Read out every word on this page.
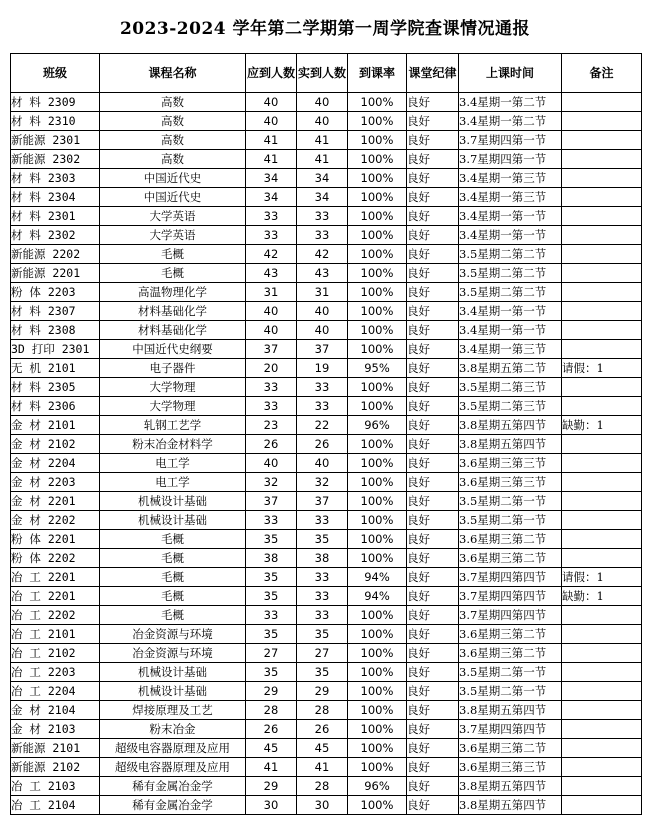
2023-2024 学年第二学期第一周学院查课情况通报
班级	课程名称	应到人数	实到人数	到课率	课堂纪律	上课时间	备注
材 料 2309	高数	40	40	100%	良好	3.4星期一第二节	
材 料 2310	高数	40	40	100%	良好	3.4星期一第二节	
新能源 2301	高数	41	41	100%	良好	3.7星期四第一节	
新能源 2302	高数	41	41	100%	良好	3.7星期四第一节	
材 料 2303	中国近代史	34	34	100%	良好	3.4星期一第三节	
材 料 2304	中国近代史	34	34	100%	良好	3.4星期一第三节	
材 料 2301	大学英语	33	33	100%	良好	3.4星期一第一节	
材 料 2302	大学英语	33	33	100%	良好	3.4星期一第一节	
新能源 2202	毛概	42	42	100%	良好	3.5星期二第二节	
新能源 2201	毛概	43	43	100%	良好	3.5星期二第二节	
粉 体 2203	高温物理化学	31	31	100%	良好	3.5星期二第二节	
材 料 2307	材料基础化学	40	40	100%	良好	3.4星期一第一节	
材 料 2308	材料基础化学	40	40	100%	良好	3.4星期一第一节	
3D 打印 2301	中国近代史纲要	37	37	100%	良好	3.4星期一第三节	
无 机 2101	电子器件	20	19	95%	良好	3.8星期五第二节	请假：1
材 料 2305	大学物理	33	33	100%	良好	3.5星期二第三节	
材 料 2306	大学物理	33	33	100%	良好	3.5星期二第三节	
金 材 2101	轧钢工艺学	23	22	96%	良好	3.8星期五第四节	缺勤：1
金 材 2102	粉末冶金材料学	26	26	100%	良好	3.8星期五第四节	
金 材 2204	电工学	40	40	100%	良好	3.6星期三第三节	
金 材 2203	电工学	32	32	100%	良好	3.6星期三第三节	
金 材 2201	机械设计基础	37	37	100%	良好	3.5星期二第一节	
金 材 2202	机械设计基础	33	33	100%	良好	3.5星期二第一节	
粉 体 2201	毛概	35	35	100%	良好	3.6星期三第二节	
粉 体 2202	毛概	38	38	100%	良好	3.6星期三第二节	
冶 工 2201	毛概	35	33	94%	良好	3.7星期四第四节	请假：1
冶 工 2201	毛概	35	33	94%	良好	3.7星期四第四节	缺勤：1
冶 工 2202	毛概	33	33	100%	良好	3.7星期四第四节	
冶 工 2101	冶金资源与环境	35	35	100%	良好	3.6星期三第二节	
冶 工 2102	冶金资源与环境	27	27	100%	良好	3.6星期三第二节	
冶 工 2203	机械设计基础	35	35	100%	良好	3.5星期二第一节	
冶 工 2204	机械设计基础	29	29	100%	良好	3.5星期二第一节	
金 材 2104	焊接原理及工艺	28	28	100%	良好	3.8星期五第四节	
金 材 2103	粉末冶金	26	26	100%	良好	3.7星期四第四节	
新能源 2101	超级电容器原理及应用	45	45	100%	良好	3.6星期三第二节	
新能源 2102	超级电容器原理及应用	41	41	100%	良好	3.6星期三第三节	
冶 工 2103	稀有金属冶金学	29	28	96%	良好	3.8星期五第四节	
冶 工 2104	稀有金属冶金学	30	30	100%	良好	3.8星期五第四节	
